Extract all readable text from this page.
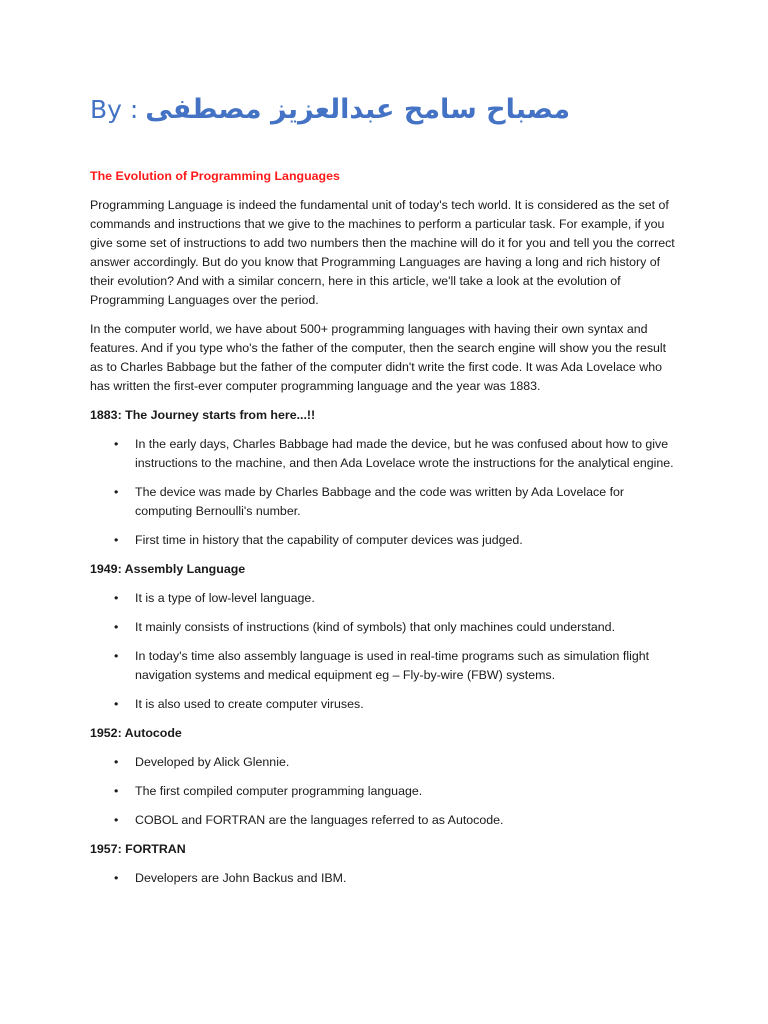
By : مصباح سامح عبدالعزيز مصطفى
The Evolution of Programming Languages

Programming Language is indeed the fundamental unit of today's tech world. It is considered as the set of commands and instructions that we give to the machines to perform a particular task. For example, if you give some set of instructions to add two numbers then the machine will do it for you and tell you the correct answer accordingly. But do you know that Programming Languages are having a long and rich history of their evolution? And with a similar concern, here in this article, we'll take a look at the evolution of Programming Languages over the period.

In the computer world, we have about 500+ programming languages with having their own syntax and features. And if you type who's the father of the computer, then the search engine will show you the result as to Charles Babbage but the father of the computer didn't write the first code. It was Ada Lovelace who has written the first-ever computer programming language and the year was 1883.

1883: The Journey starts from here...!!
• In the early days, Charles Babbage had made the device, but he was confused about how to give instructions to the machine, and then Ada Lovelace wrote the instructions for the analytical engine.
• The device was made by Charles Babbage and the code was written by Ada Lovelace for computing Bernoulli's number.
• First time in history that the capability of computer devices was judged.
1949: Assembly Language
• It is a type of low-level language.
• It mainly consists of instructions (kind of symbols) that only machines could understand.
• In today's time also assembly language is used in real-time programs such as simulation flight navigation systems and medical equipment eg – Fly-by-wire (FBW) systems.
• It is also used to create computer viruses.
1952: Autocode
• Developed by Alick Glennie.
• The first compiled computer programming language.
• COBOL and FORTRAN are the languages referred to as Autocode.
1957: FORTRAN
• Developers are John Backus and IBM.
